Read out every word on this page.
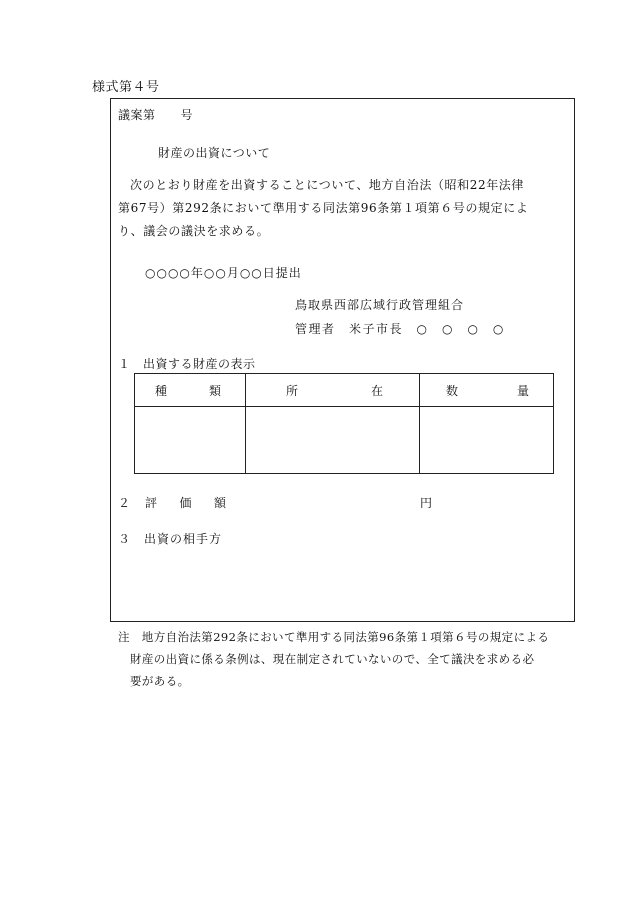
様式第４号
議案第　　号
財産の出資について
次のとおり財産を出資することについて、地方自治法（昭和22年法律
第67号）第292条において準用する同法第96条第１項第６号の規定によ
り、議会の議決を求める。
○○○○年○○月○○日提出
鳥取県西部広域行政管理組合
管理者　米子市長　○　○　○　○
１　出資する財産の表示
種 類	所 在	数 量

２ 評 価 額	円
３　出資の相手方
注　地方自治法第292条において準用する同法第96条第１項第６号の規定による
財産の出資に係る条例は、現在制定されていないので、全て議決を求める必
要がある。
